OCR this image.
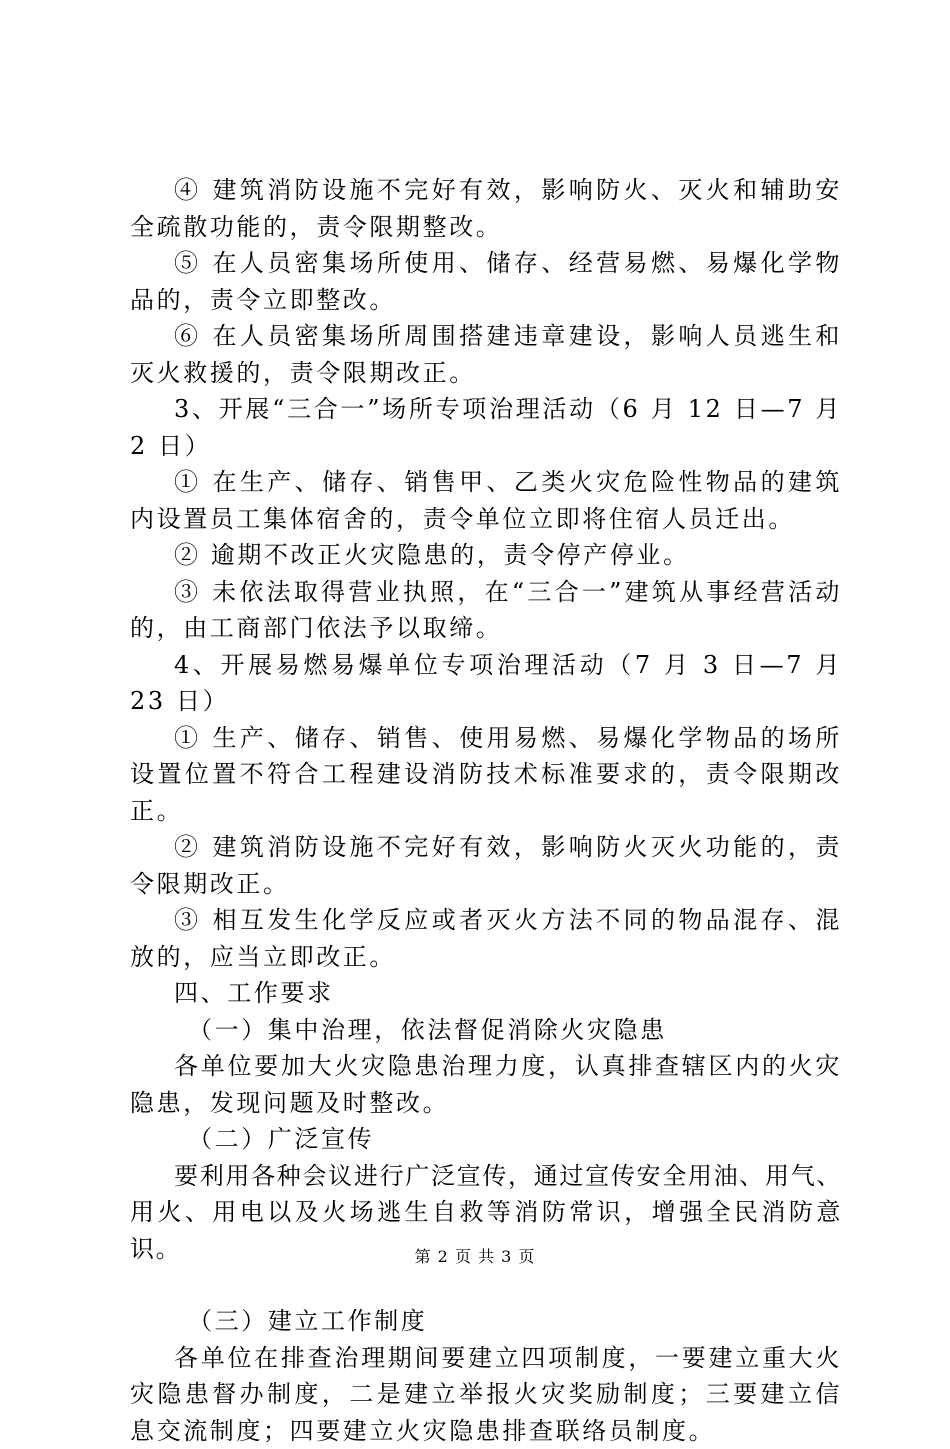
④ 建筑消防设施不完好有效，影响防火、灭火和辅助安全疏散功能的，责令限期整改。

⑤ 在人员密集场所使用、储存、经营易燃、易爆化学物品的，责令立即整改。

⑥ 在人员密集场所周围搭建违章建设，影响人员逃生和灭火救援的，责令限期改正。

3、开展“三合一”场所专项治理活动（6 月 12 日—7 月 2 日）

① 在生产、储存、销售甲、乙类火灾危险性物品的建筑内设置员工集体宿舍的，责令单位立即将住宿人员迁出。

② 逾期不改正火灾隐患的，责令停产停业。

③ 未依法取得营业执照，在“三合一”建筑从事经营活动的，由工商部门依法予以取缔。

4、开展易燃易爆单位专项治理活动（7 月 3 日—7 月 23 日）

① 生产、储存、销售、使用易燃、易爆化学物品的场所设置位置不符合工程建设消防技术标准要求的，责令限期改正。

② 建筑消防设施不完好有效，影响防火灭火功能的，责令限期改正。

③ 相互发生化学反应或者灭火方法不同的物品混存、混放的，应当立即改正。

四、工作要求

（一）集中治理，依法督促消除火灾隐患

各单位要加大火灾隐患治理力度，认真排查辖区内的火灾隐患，发现问题及时整改。

（二）广泛宣传

要利用各种会议进行广泛宣传，通过宣传安全用油、用气、用火、用电以及火场逃生自救等消防常识，增强全民消防意识。

（三）建立工作制度

各单位在排查治理期间要建立四项制度，一要建立重大火灾隐患督办制度，二是建立举报火灾奖励制度；三要建立信息交流制度；四要建立火灾隐患排查联络员制度。

第 2 页 共 3 页
